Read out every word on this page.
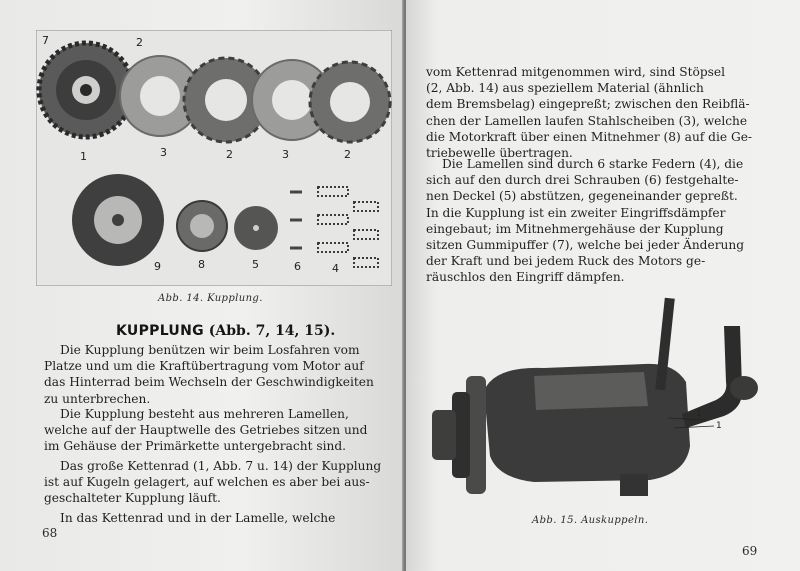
7	2
1	3	2	3	2
9	8	5	6	4
Abb. 14. Kupplung.
KUPPLUNG (Abb. 7, 14, 15).
Die Kupplung benützen wir beim Losfahren vom
Platze und um die Kraftübertragung vom Motor auf
das Hinterrad beim Wechseln der Geschwindigkeiten
zu unterbrechen.
Die Kupplung besteht aus mehreren Lamellen,
welche auf der Hauptwelle des Getriebes sitzen und
im Gehäuse der Primärkette untergebracht sind.
Das große Kettenrad (1, Abb. 7 u. 14) der Kupplung
ist auf Kugeln gelagert, auf welchen es aber bei aus-
geschalteter Kupplung läuft.
In das Kettenrad und in der Lamelle, welche
68
vom Kettenrad mitgenommen wird, sind Stöpsel
(2, Abb. 14) aus speziellem Material (ähnlich
dem Bremsbelag) eingepreßt; zwischen den Reibflä-
chen der Lamellen laufen Stahlscheiben (3), welche
die Motorkraft über einen Mitnehmer (8) auf die Ge-
triebewelle übertragen.
Die Lamellen sind durch 6 starke Federn (4), die
sich auf den durch drei Schrauben (6) festgehalte-
nen Deckel (5) abstützen, gegeneinander gepreßt.
In die Kupplung ist ein zweiter Eingriffsdämpfer
eingebaut; im Mitnehmergehäuse der Kupplung
sitzen Gummipuffer (7), welche bei jeder Änderung
der Kraft und bei jedem Ruck des Motors ge-
räuschlos den Eingriff dämpfen.
1
1
Abb. 15. Auskuppeln.
69
